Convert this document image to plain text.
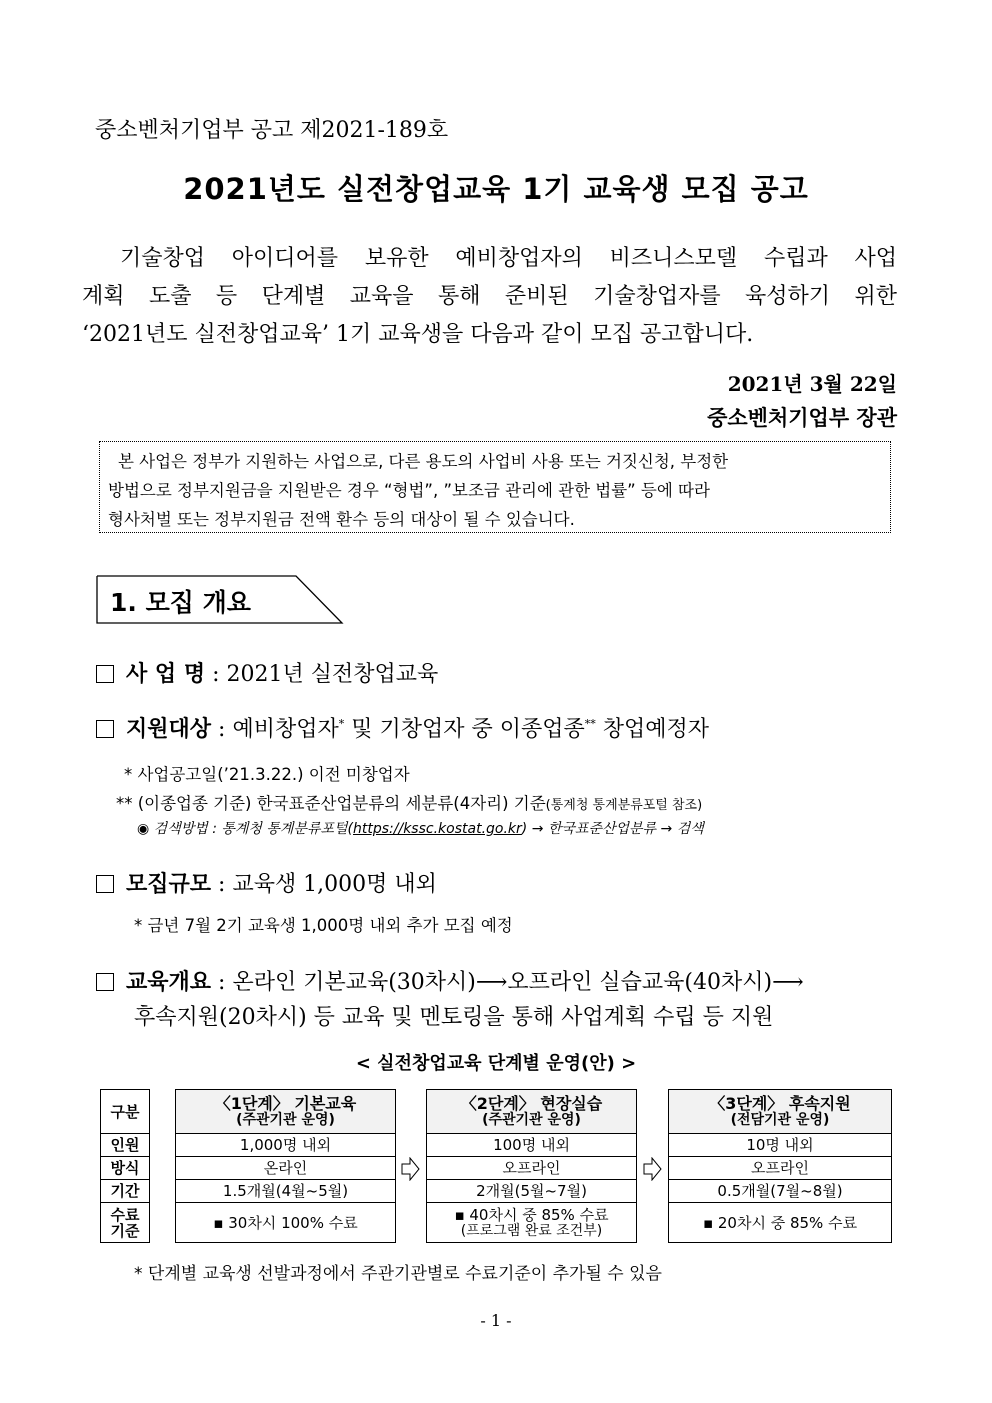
중소벤처기업부 공고 제2021-189호
2021년도 실전창업교육 1기 교육생 모집 공고

기술창업 아이디어를 보유한 예비창업자의 비즈니스모델 수립과 사업

계획 도출 등 단계별 교육을 통해 준비된 기술창업자를 육성하기 위한

‘2021년도 실전창업교육’ 1기 교육생을 다음과 같이 모집 공고합니다.

2021년 3월 22일
중소벤처기업부 장관

본 사업은 정부가 지원하는 사업으로, 다른 용도의 사업비 사용 또는 거짓신청, 부정한

방법으로 정부지원금을 지원받은 경우 “형법”, ”보조금 관리에 관한 법률” 등에 따라

형사처벌 또는 정부지원금 전액 환수 등의 대상이 될 수 있습니다.

1. 모집 개요
사 업 명 : 2021년 실전창업교육
지원대상 : 예비창업자* 및 기창업자 중 이종업종** 창업예정자
* 사업공고일(’21.3.22.) 이전 미창업자
** (이종업종 기준) 한국표준산업분류의 세분류(4자리) 기준(통계청 통계분류포털 참조)
◉ 검색방법 : 통계청 통계분류포털(https://kssc.kostat.go.kr) → 한국표준산업분류 → 검색
모집규모 : 교육생 1,000명 내외
* 금년 7월 2기 교육생 1,000명 내외 추가 모집 예정
교육개요 : 온라인 기본교육(30차시)⟶오프라인 실습교육(40차시)⟶
후속지원(20차시) 등 교육 및 멘토링을 통해 사업계획 수립 등 지원
< 실전창업교육 단계별 운영(안) >
구분
인원
방식
기간
수료
기준
〈1단계〉 기본교육
(주관기관 운영)
1,000명 내외
온라인
1.5개월(4월~5월)
▪ 30차시 100% 수료
〈2단계〉 현장실습
(주관기관 운영)
100명 내외
오프라인
2개월(5월~7월)
▪ 40차시 중 85% 수료
(프로그램 완료 조건부)
〈3단계〉 후속지원
(전담기관 운영)
10명 내외
오프라인
0.5개월(7월~8월)
▪ 20차시 중 85% 수료
* 단계별 교육생 선발과정에서 주관기관별로 수료기준이 추가될 수 있음
- 1 -
